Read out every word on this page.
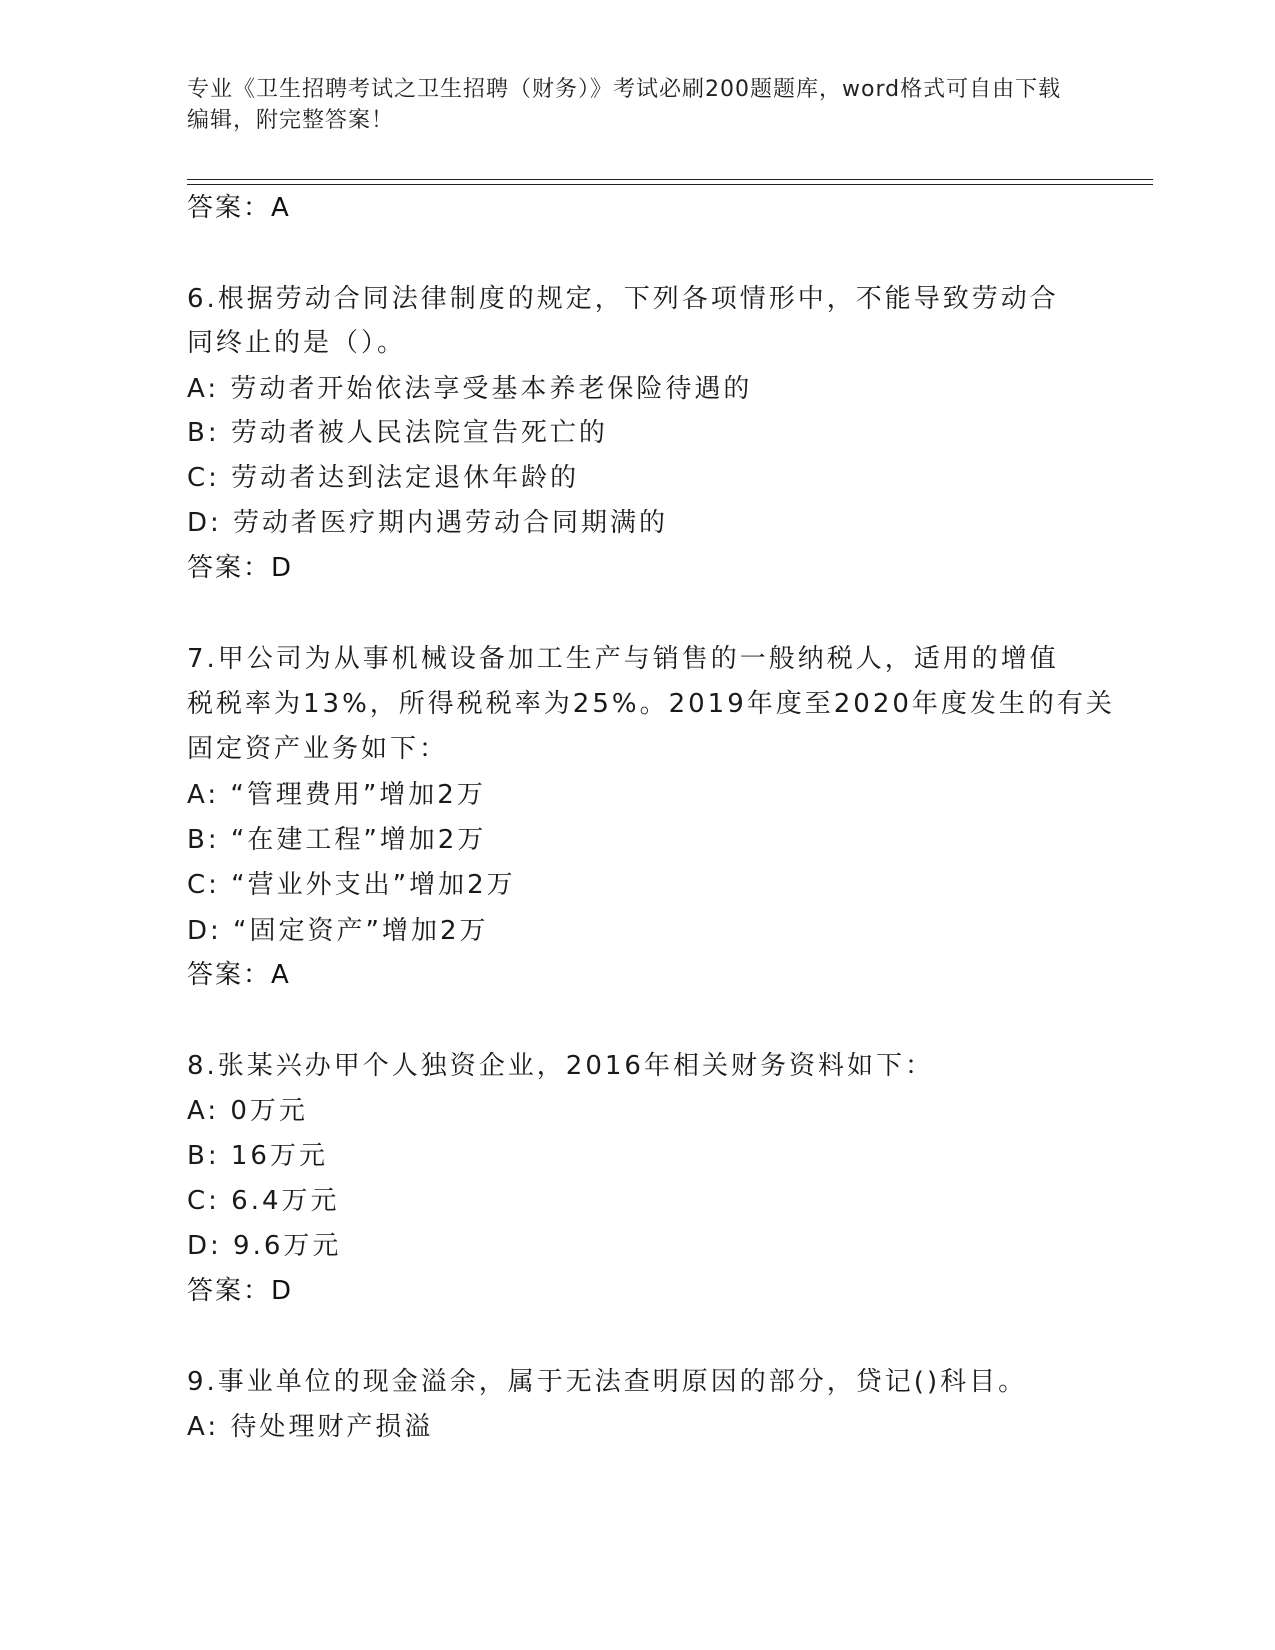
专业《卫生招聘考试之卫生招聘（财务）》考试必刷200题题库，word格式可自由下载编辑，附完整答案！
答案：A
6.根据劳动合同法律制度的规定，下列各项情形中，不能导致劳动合
同终止的是（）。
A: 劳动者开始依法享受基本养老保险待遇的
B: 劳动者被人民法院宣告死亡的
C: 劳动者达到法定退休年龄的
D: 劳动者医疗期内遇劳动合同期满的
答案：D
7.甲公司为从事机械设备加工生产与销售的一般纳税人，适用的增值
税税率为13%，所得税税率为25%。2019年度至2020年度发生的有关
固定资产业务如下：
A: “管理费用”增加2万
B: “在建工程”增加2万
C: “营业外支出”增加2万
D: “固定资产”增加2万
答案：A
8.张某兴办甲个人独资企业，2016年相关财务资料如下：
A: 0万元
B: 16万元
C: 6.4万元
D: 9.6万元
答案：D
9.事业单位的现金溢余，属于无法查明原因的部分，贷记()科目。
A: 待处理财产损溢
